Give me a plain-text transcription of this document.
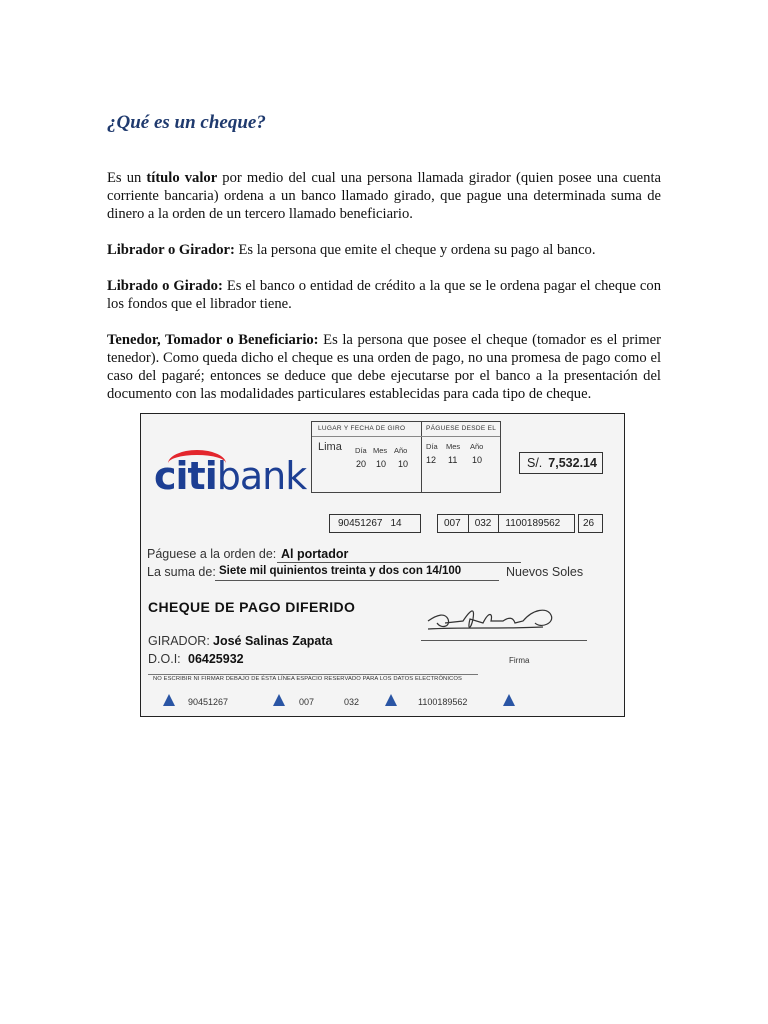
¿Qué es un cheque?

Es un título valor por medio del cual una persona llamada girador (quien posee una cuenta corriente bancaria) ordena a un banco llamado girado, que pague una determinada suma de dinero a la orden de un tercero llamado beneficiario.

Librador o Girador: Es la persona que emite el cheque y ordena su pago al banco.

Librado o Girado: Es el banco o entidad de crédito a la que se le ordena pagar el cheque con los fondos que el librador tiene.

Tenedor, Tomador o Beneficiario: Es la persona que posee el cheque (tomador es el primer tenedor). Como queda dicho el cheque es una orden de pago, no una promesa de pago como el caso del pagaré; entonces se deduce que debe ejecutarse por el banco a la presentación del documento con las modalidades particulares establecidas para cada tipo de cheque.

citibank
LUGAR Y FECHA DE GIRO	PÁGUESE DESDE EL
Lima Día Mes Año
20 10 10
Día Mes Año
12 11 10	S/. 7,532.14
90451267 14	007 032 1100189562 26
Páguese a la orden de: Al portador
La suma de: Siete mil quinientos treinta y dos con 14/100	Nuevos Soles
CHEQUE DE PAGO DIFERIDO
GIRADOR: José Salinas Zapata
D.O.I: 06425932	Firma
NO ESCRIBIR NI FIRMAR DEBAJO DE ÉSTA LÍNEA ESPACIO RESERVADO PARA LOS DATOS ELECTRÓNICOS
90451267	007	032	1100189562
